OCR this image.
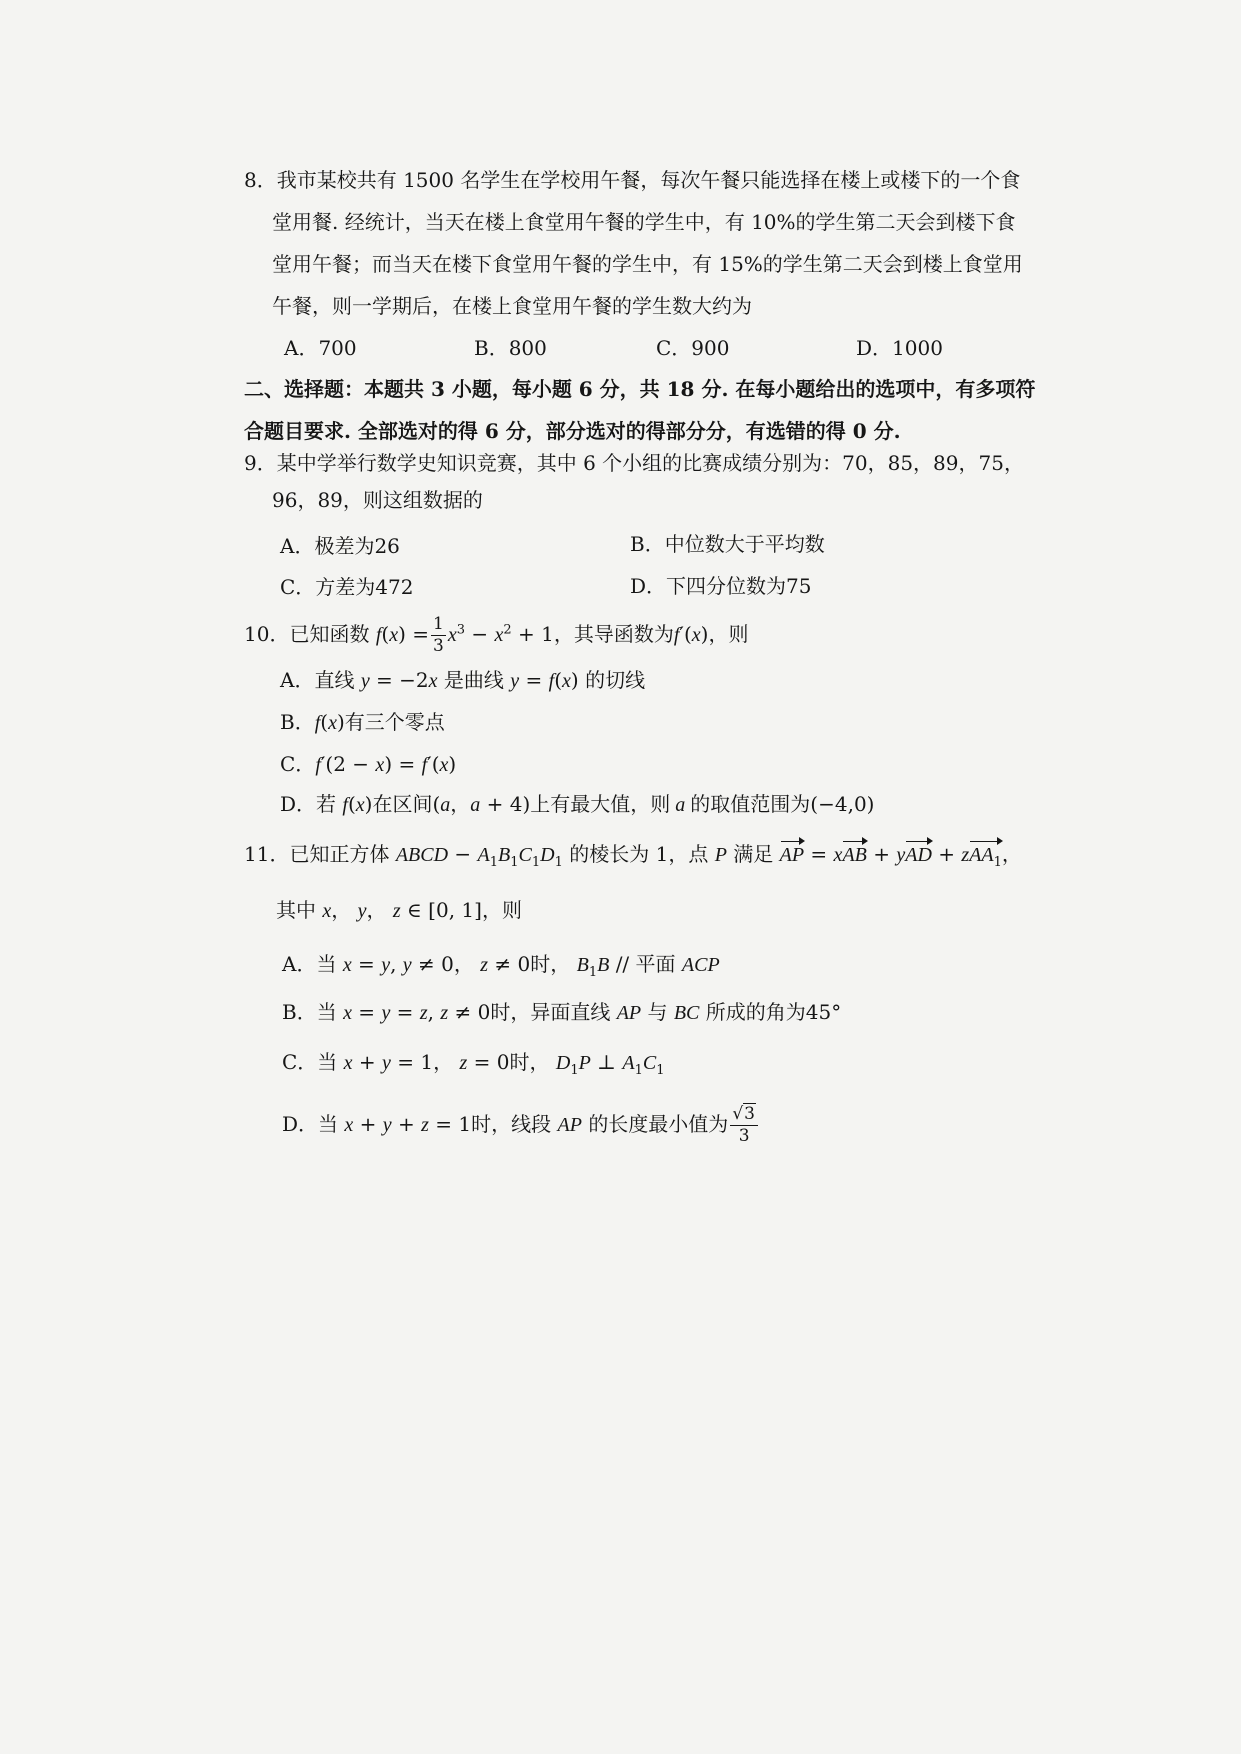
8．我市某校共有 1500 名学生在学校用午餐，每次午餐只能选择在楼上或楼下的一个食
堂用餐. 经统计，当天在楼上食堂用午餐的学生中，有 10%的学生第二天会到楼下食
堂用午餐；而当天在楼下食堂用午餐的学生中，有 15%的学生第二天会到楼上食堂用
午餐，则一学期后，在楼上食堂用午餐的学生数大约为
A．700	B．800	C．900	D．1000
二、选择题：本题共 3 小题，每小题 6 分，共 18 分. 在每小题给出的选项中，有多项符
合题目要求. 全部选对的得 6 分，部分选对的得部分分，有选错的得 0 分.
9．某中学举行数学史知识竞赛，其中 6 个小组的比赛成绩分别为：70，85，89，75，
96，89，则这组数据的
A．极差为26	B．中位数大于平均数
C．方差为472	D．下四分位数为75
10．已知函数 $f(x) = \frac{1}{3} x^3 - x^2 + 1$，其导函数为f′(x)，则
A．直线 y = −2x 是曲线 y = f(x) 的切线
B．f(x)有三个零点
C．f′(2 − x) = f′(x)
D．若 f(x)在区间(a，a + 4)上有最大值，则 a 的取值范围为(−4,0)
11．已知正方体 ABCD − $A_1B_1C_1D_1$ 的棱长为 1，点 P 满足 AP = xAB + yAD + zAA$_1$，
其中 x， y， z ∈ [0, 1]，则
A．当 x = y, y ≠ 0， z ≠ 0时， $B_1B$ // 平面 ACP
B．当 x = y = z, z ≠ 0时，异面直线 AP 与 BC 所成的角为45°
C．当 x + y = 1， z = 0时， $D_1P$ ⊥ $A_1C_1$
D．当 x + y + z = 1时，线段 AP 的长度最小值为 $\frac{√3}{3}$
